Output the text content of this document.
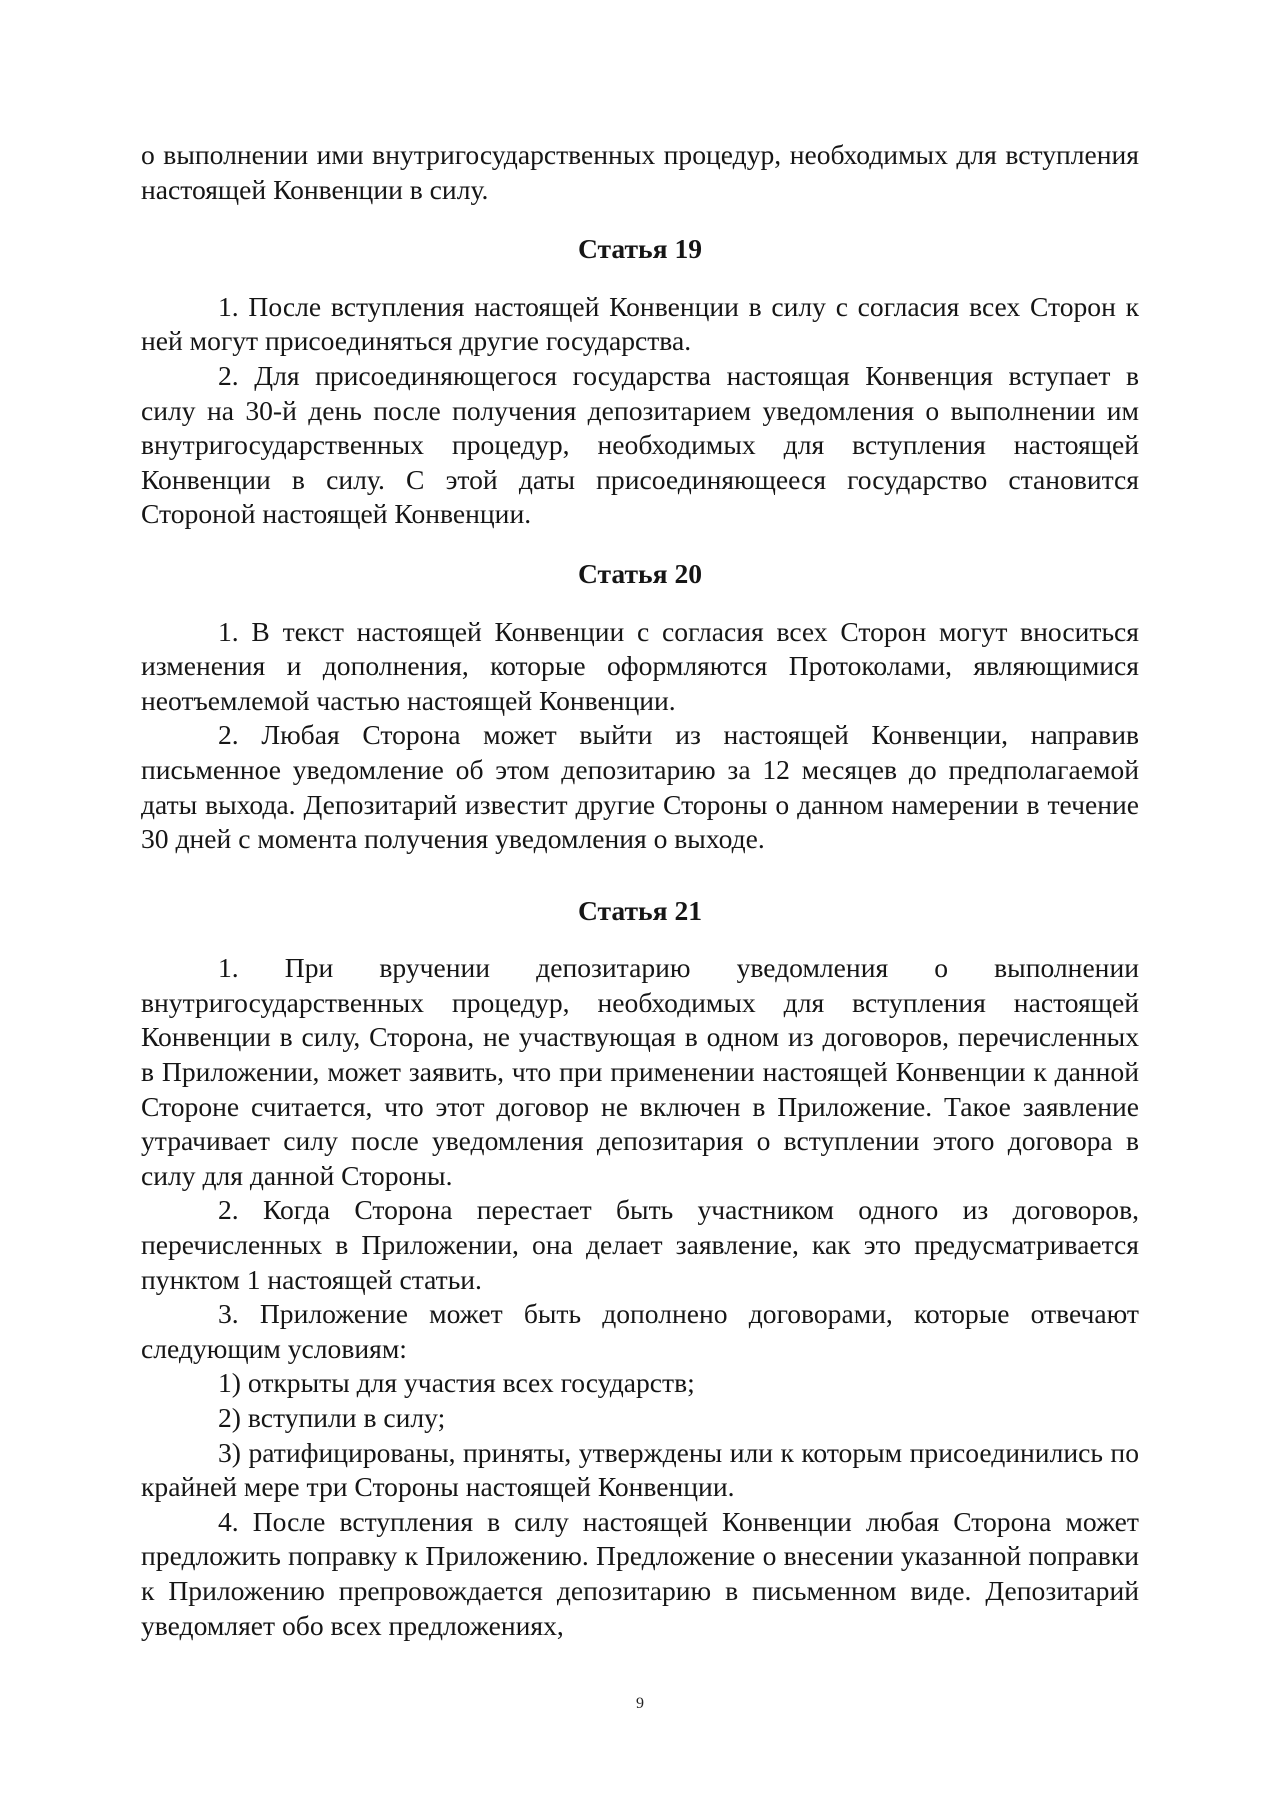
о выполнении ими внутригосударственных процедур, необходимых для вступления настоящей Конвенции в силу.

Статья 19

1. После вступления настоящей Конвенции в силу с согласия всех Сторон к ней могут присоединяться другие государства.

2. Для присоединяющегося государства настоящая Конвенция вступает в силу на 30-й день после получения депозитарием уведомления о выполнении им внутригосударственных процедур, необходимых для вступления настоящей Конвенции в силу. С этой даты присоединяющееся государство становится Стороной настоящей Конвенции.

Статья 20

1. В текст настоящей Конвенции с согласия всех Сторон могут вноситься изменения и дополнения, которые оформляются Протоколами, являющимися неотъемлемой частью настоящей Конвенции.

2. Любая Сторона может выйти из настоящей Конвенции, направив письменное уведомление об этом депозитарию за 12 месяцев до предполагаемой даты выхода. Депозитарий известит другие Стороны о данном намерении в течение 30 дней с момента получения уведомления о выходе.

Статья 21

1. При вручении депозитарию уведомления о выполнении внутригосударственных процедур, необходимых для вступления настоящей Конвенции в силу, Сторона, не участвующая в одном из договоров, перечисленных в Приложении, может заявить, что при применении настоящей Конвенции к данной Стороне считается, что этот договор не включен в Приложение. Такое заявление утрачивает силу после уведомления депозитария о вступлении этого договора в силу для данной Стороны.

2. Когда Сторона перестает быть участником одного из договоров, перечисленных в Приложении, она делает заявление, как это предусматривается пунктом 1 настоящей статьи.

3. Приложение может быть дополнено договорами, которые отвечают следующим условиям:

1) открыты для участия всех государств;

2) вступили в силу;

3) ратифицированы, приняты, утверждены или к которым присоединились по крайней мере три Стороны настоящей Конвенции.

4. После вступления в силу настоящей Конвенции любая Сторона может предложить поправку к Приложению. Предложение о внесении указанной поправки к Приложению препровождается депозитарию в письменном виде. Депозитарий уведомляет обо всех предложениях,

9
